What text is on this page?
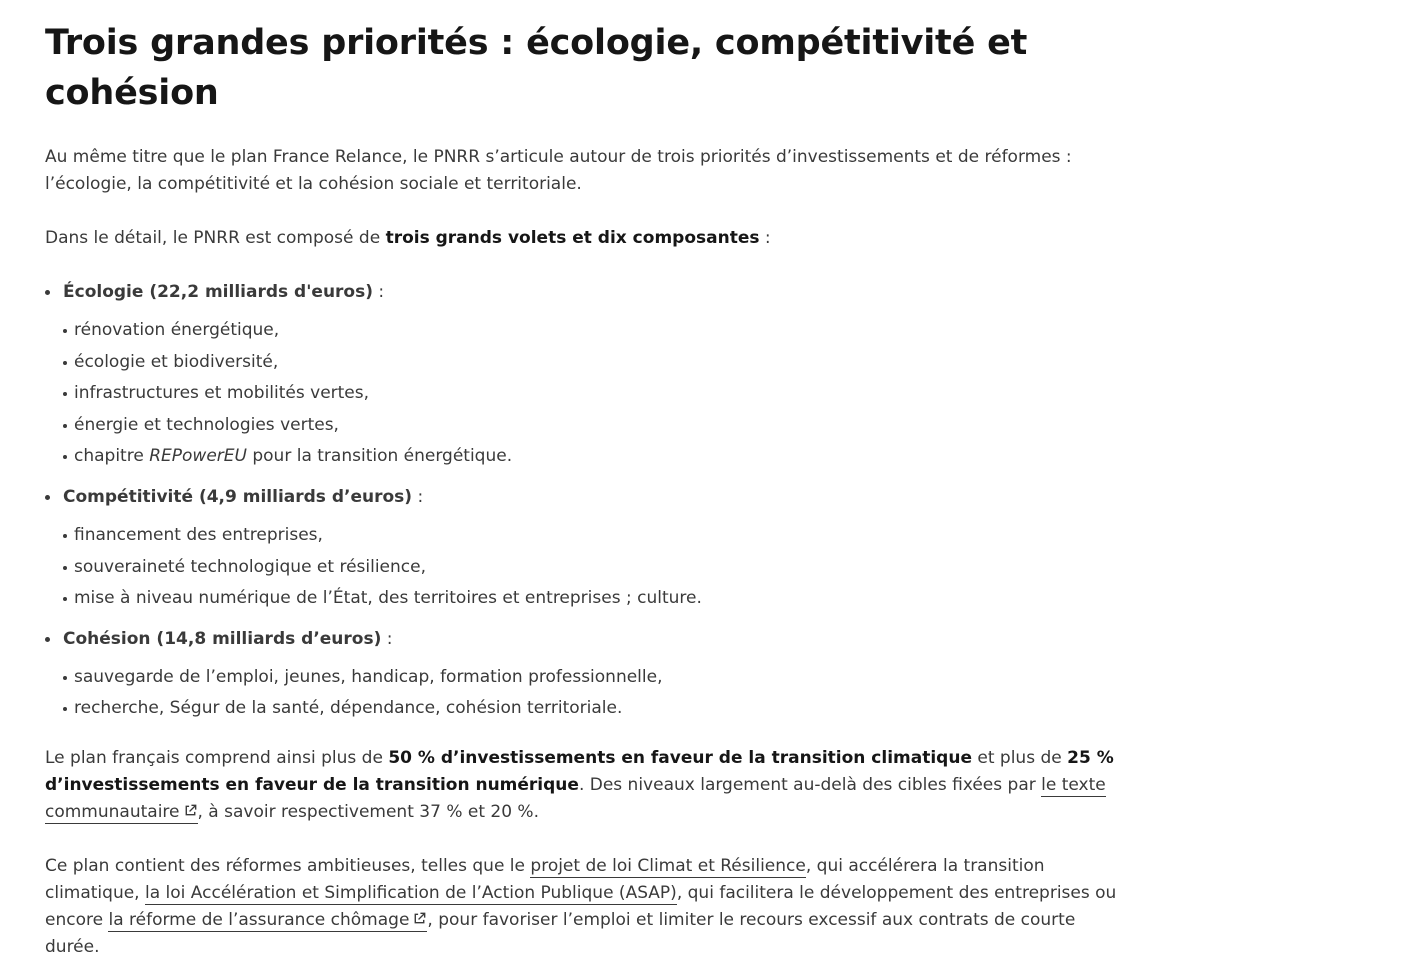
Trois grandes priorités : écologie, compétitivité et cohésion

Au même titre que le plan France Relance, le PNRR s’articule autour de trois priorités d’investissements et de réformes : l’écologie, la compétitivité et la cohésion sociale et territoriale.

Dans le détail, le PNRR est composé de trois grands volets et dix composantes :

Écologie (22,2 milliards d'euros) :
rénovation énergétique,
écologie et biodiversité,
infrastructures et mobilités vertes,
énergie et technologies vertes,
chapitre REPowerEU pour la transition énergétique.
Compétitivité (4,9 milliards d’euros) :
financement des entreprises,
souveraineté technologique et résilience,
mise à niveau numérique de l’État, des territoires et entreprises ; culture.
Cohésion (14,8 milliards d’euros) :
sauvegarde de l’emploi, jeunes, handicap, formation professionnelle,
recherche, Ségur de la santé, dépendance, cohésion territoriale.

Le plan français comprend ainsi plus de 50 % d’investissements en faveur de la transition climatique et plus de 25 % d’investissements en faveur de la transition numérique. Des niveaux largement au-delà des cibles fixées par le texte communautaire , à savoir respectivement 37 % et 20 %.

Ce plan contient des réformes ambitieuses, telles que le projet de loi Climat et Résilience, qui accélérera la transition climatique, la loi Accélération et Simplification de l’Action Publique (ASAP), qui facilitera le développement des entreprises ou encore la réforme de l’assurance chômage , pour favoriser l’emploi et limiter le recours excessif aux contrats de courte durée.
